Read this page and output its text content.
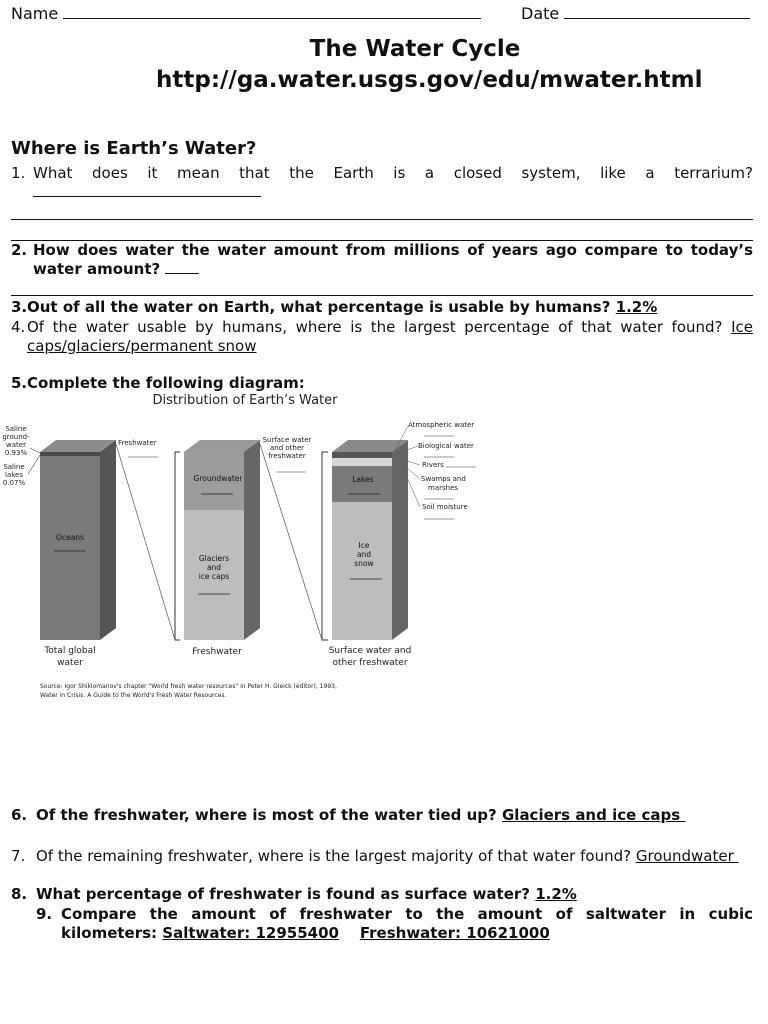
Name	Date
The Water Cycle
http://ga.water.usgs.gov/edu/mwater.html
Where is Earth’s Water?
1. What does it mean that the Earth is a closed system, like a terrarium?
2. How does water the water amount from millions of years ago compare to today’s water amount?
3. Out of all the water on Earth, what percentage is usable by humans? 1.2%
4. Of the water usable by humans, where is the largest percentage of that water found? Ice caps/glaciers/permanent snow
5. Complete the following diagram:
Distribution of Earth’s Water
Saline
ground-
water
0.93%
Saline
lakes
0.07%
Freshwater
Oceans
Groundwater
Glaciers
and
ice caps
Surface water
and other
freshwater
Lakes
Ice
and
snow
Atmospheric water
Biological water
Rivers
Swamps and
marshes
Soil moisture
Total global
water
Freshwater	Surface water and
other freshwater
Source: Igor Shiklomanov's chapter "World fresh water resources" in Peter H. Gleick (editor), 1993,
Water in Crisis: A Guide to the World's Fresh Water Resources.
6. Of the freshwater, where is most of the water tied up? Glaciers and ice caps
7. Of the remaining freshwater, where is the largest majority of that water found? Groundwater
8. What percentage of freshwater is found as surface water? 1.2%
9. Compare the amount of freshwater to the amount of saltwater in cubic kilometers: Saltwater: 12955400 Freshwater: 10621000
